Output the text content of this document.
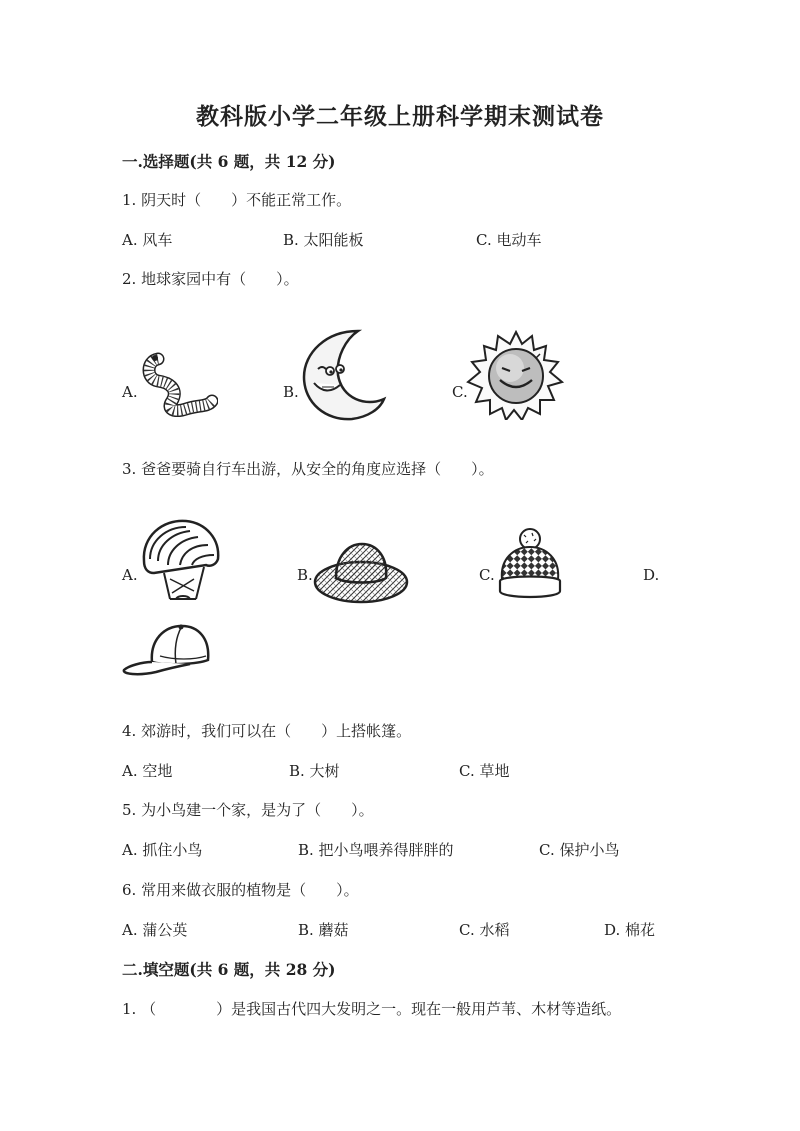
教科版小学二年级上册科学期末测试卷
一.选择题(共 6 题，共 12 分)
1. 阴天时（　　）不能正常工作。
A. 风车	B. 太阳能板	C. 电动车
2. 地球家园中有（　　）。
A.	B.	C.
3. 爸爸要骑自行车出游，从安全的角度应选择（　　）。
A.	B.	C.	D.
4. 郊游时，我们可以在（　　）上搭帐篷。
A. 空地	B. 大树	C. 草地
5. 为小鸟建一个家，是为了（　　）。
A. 抓住小鸟	B. 把小鸟喂养得胖胖的	C. 保护小鸟
6. 常用来做衣服的植物是（　　）。
A. 蒲公英	B. 蘑菇	C. 水稻	D. 棉花
二.填空题(共 6 题，共 28 分)
1. （　　　　）是我国古代四大发明之一。现在一般用芦苇、木材等造纸。
